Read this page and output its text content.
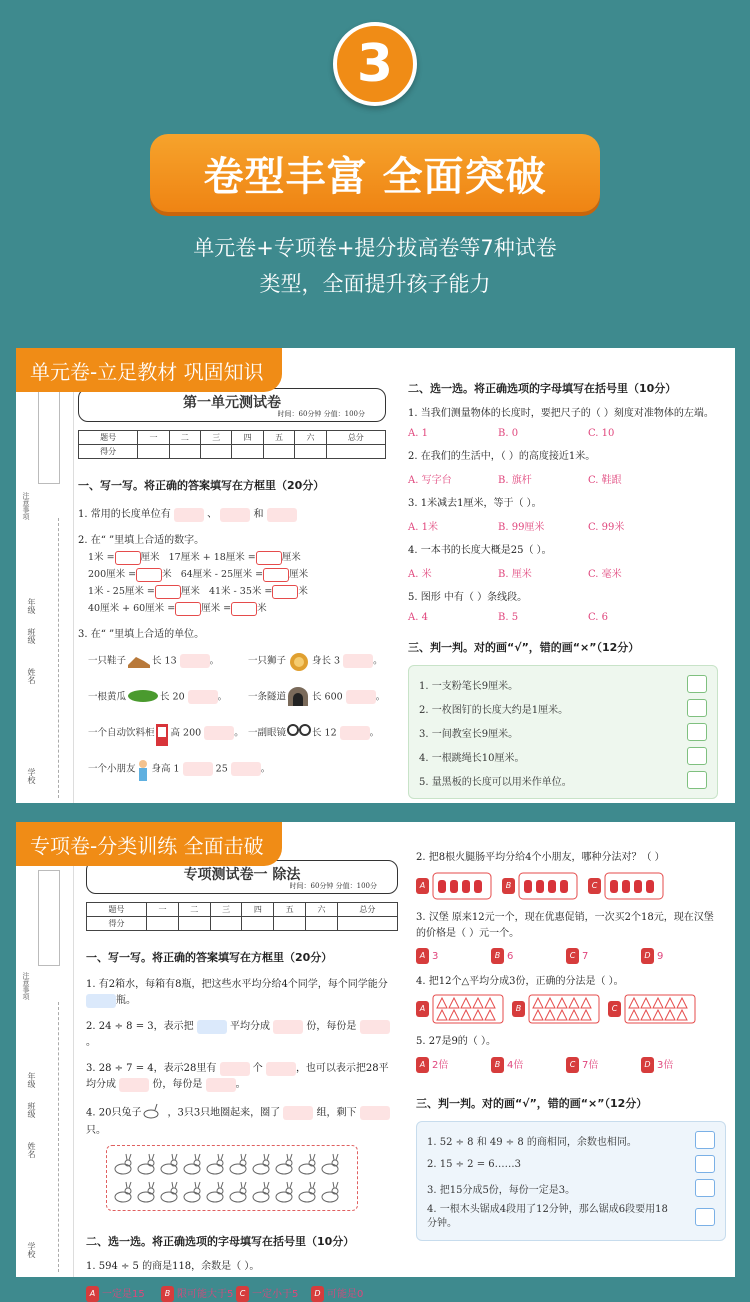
3
卷型丰富 全面突破
单元卷+专项卷+提分拔高卷等7种试卷
类型，全面提升孩子能力
单元卷-立足教材 巩固知识
注意事项
年级
班级
姓名
学校
第一单元测试卷
时间：60分钟 分值：100分
题号	一	二	三	四	五	六	总分
得分							
一、写一写。将正确的答案填写在方框里（20分）
1. 常用的长度单位有	、	和
2. 在“ ”里填上合适的数字。
1米 =	厘米 17厘米 + 18厘米 =	厘米
200厘米 =	米 64厘米 - 25厘米 =	厘米
1米 - 25厘米 =	厘米 41米 - 35米 =	米
40厘米 + 60厘米 =	厘米 =	米
3. 在“ ”里填上合适的单位。
一只鞋子	长 13	。	一只狮子	身长 3	。
一根黄瓜	长 20	。	一条隧道	长 600	。
一个自动饮料柜 高 200	。 一副眼镜	长 12	。
一个小朋友 身高 1	25	。
二、选一选。将正确选项的字母填写在括号里（10分）
1. 当我们测量物体的长度时，要把尺子的（ ）刻度对准物体的左端。
A. 1	B. 0	C. 10
2. 在我们的生活中，（ ）的高度接近1米。
A. 写字台	B. 旗杆	C. 鞋跟
3. 1米减去1厘米，等于（ ）。
A. 1米	B. 99厘米	C. 99米
4. 一本书的长度大概是25（ ）。
A. 米	B. 厘米	C. 毫米
5. 图形 中有（ ）条线段。
A. 4	B. 5	C. 6
三、判一判。对的画“√”，错的画“×”（12分）
1. 一支粉笔长9厘米。
2. 一枚图钉的长度大约是1厘米。
3. 一间教室长9厘米。
4. 一根跳绳长10厘米。
5. 量黑板的长度可以用米作单位。
专项卷-分类训练 全面击破
注意事项
年级
班级
姓名
学校
专项测试卷一 除法
时间：60分钟 分值：100分
题号	一	二	三	四	五	六	总分
得分							
一、写一写。将正确的答案填写在方框里（20分）
1. 有2箱水，每箱有8瓶，把这些水平均分给4个同学，每个同学能分 瓶。
2. 24 ÷ 8 = 3，表示把	平均分成	份，每份是 。
3. 28 ÷ 7 = 4，表示28里有	个	，也可以表示把28平均分成	份，每份是	。
4. 20只兔子	，3只3只地圈起来，圈了	组，剩下  只。
二、选一选。将正确选项的字母填写在括号里（10分）
1. 594 ÷ 5 的商是118，余数是（ ）。
A 一定是15	B 限可能大于5 C 一定小于5	D 可能是0
2. 把8根火腿肠平均分给4个小朋友，哪种分法对？（ ）
A	B	C
3. 汉堡 原来12元一个，现在优惠促销，一次买2个18元，现在汉堡 的价格是（ ）元一个。
A 3	B 6	C 7	D 9
4. 把12个△平均分成3份，正确的分法是（ ）。
A	B	C
5. 27是9的（ ）。
A 2倍	B 4倍	C 7倍	D 3倍
三、判一判。对的画“√”，错的画“×”（12分）
1. 52 ÷ 8 和 49 ÷ 8 的商相同，余数也相同。
2. 15 ÷ 2 = 6……3
3. 把15分成5份，每份一定是3。
4. 一根木头锯成4段用了12分钟，那么锯成6段要用18分钟。
